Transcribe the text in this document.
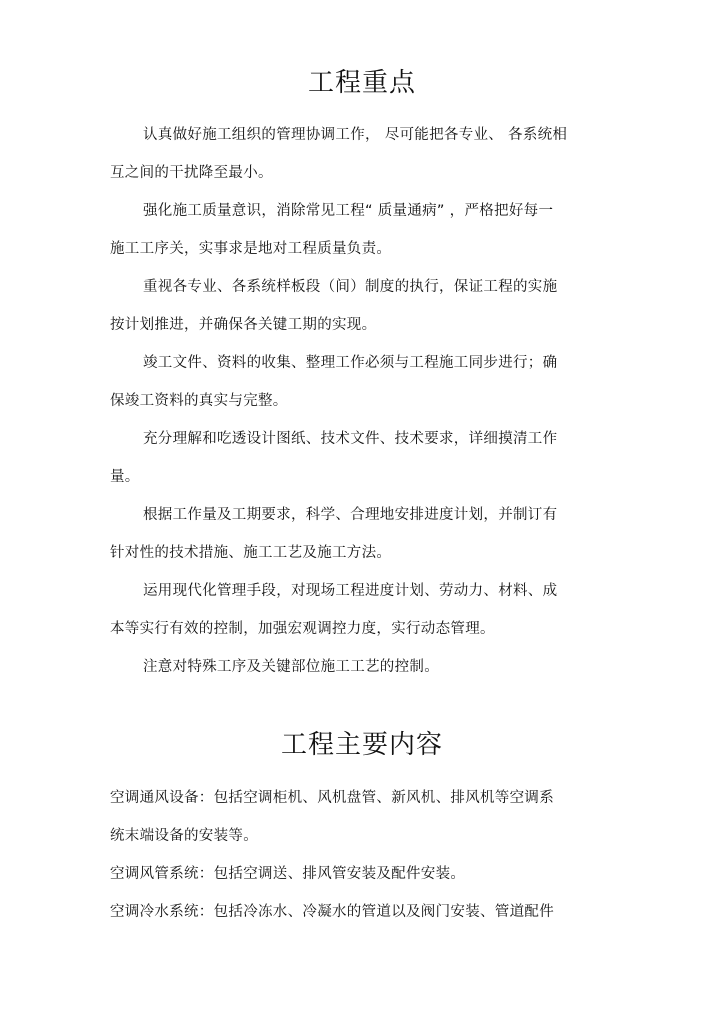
工程重点

认真做好施工组织的管理协调工作， 尽可能把各专业、 各系统相

互之间的干扰降至最小。

强化施工质量意识，消除常见工程“ 质量通病” ，严格把好每一

施工工序关，实事求是地对工程质量负责。

重视各专业、各系统样板段（间）制度的执行，保证工程的实施

按计划推进，并确保各关键工期的实现。

竣工文件、资料的收集、整理工作必须与工程施工同步进行；确

保竣工资料的真实与完整。

充分理解和吃透设计图纸、技术文件、技术要求，详细摸清工作

量。

根据工作量及工期要求，科学、合理地安排进度计划，并制订有

针对性的技术措施、施工工艺及施工方法。

运用现代化管理手段，对现场工程进度计划、劳动力、材料、成

本等实行有效的控制，加强宏观调控力度，实行动态管理。

注意对特殊工序及关键部位施工工艺的控制。

工程主要内容

空调通风设备：包括空调柜机、风机盘管、新风机、排风机等空调系

统末端设备的安装等。

空调风管系统：包括空调送、排风管安装及配件安装。

空调冷水系统：包括冷冻水、冷凝水的管道以及阀门安装、管道配件
